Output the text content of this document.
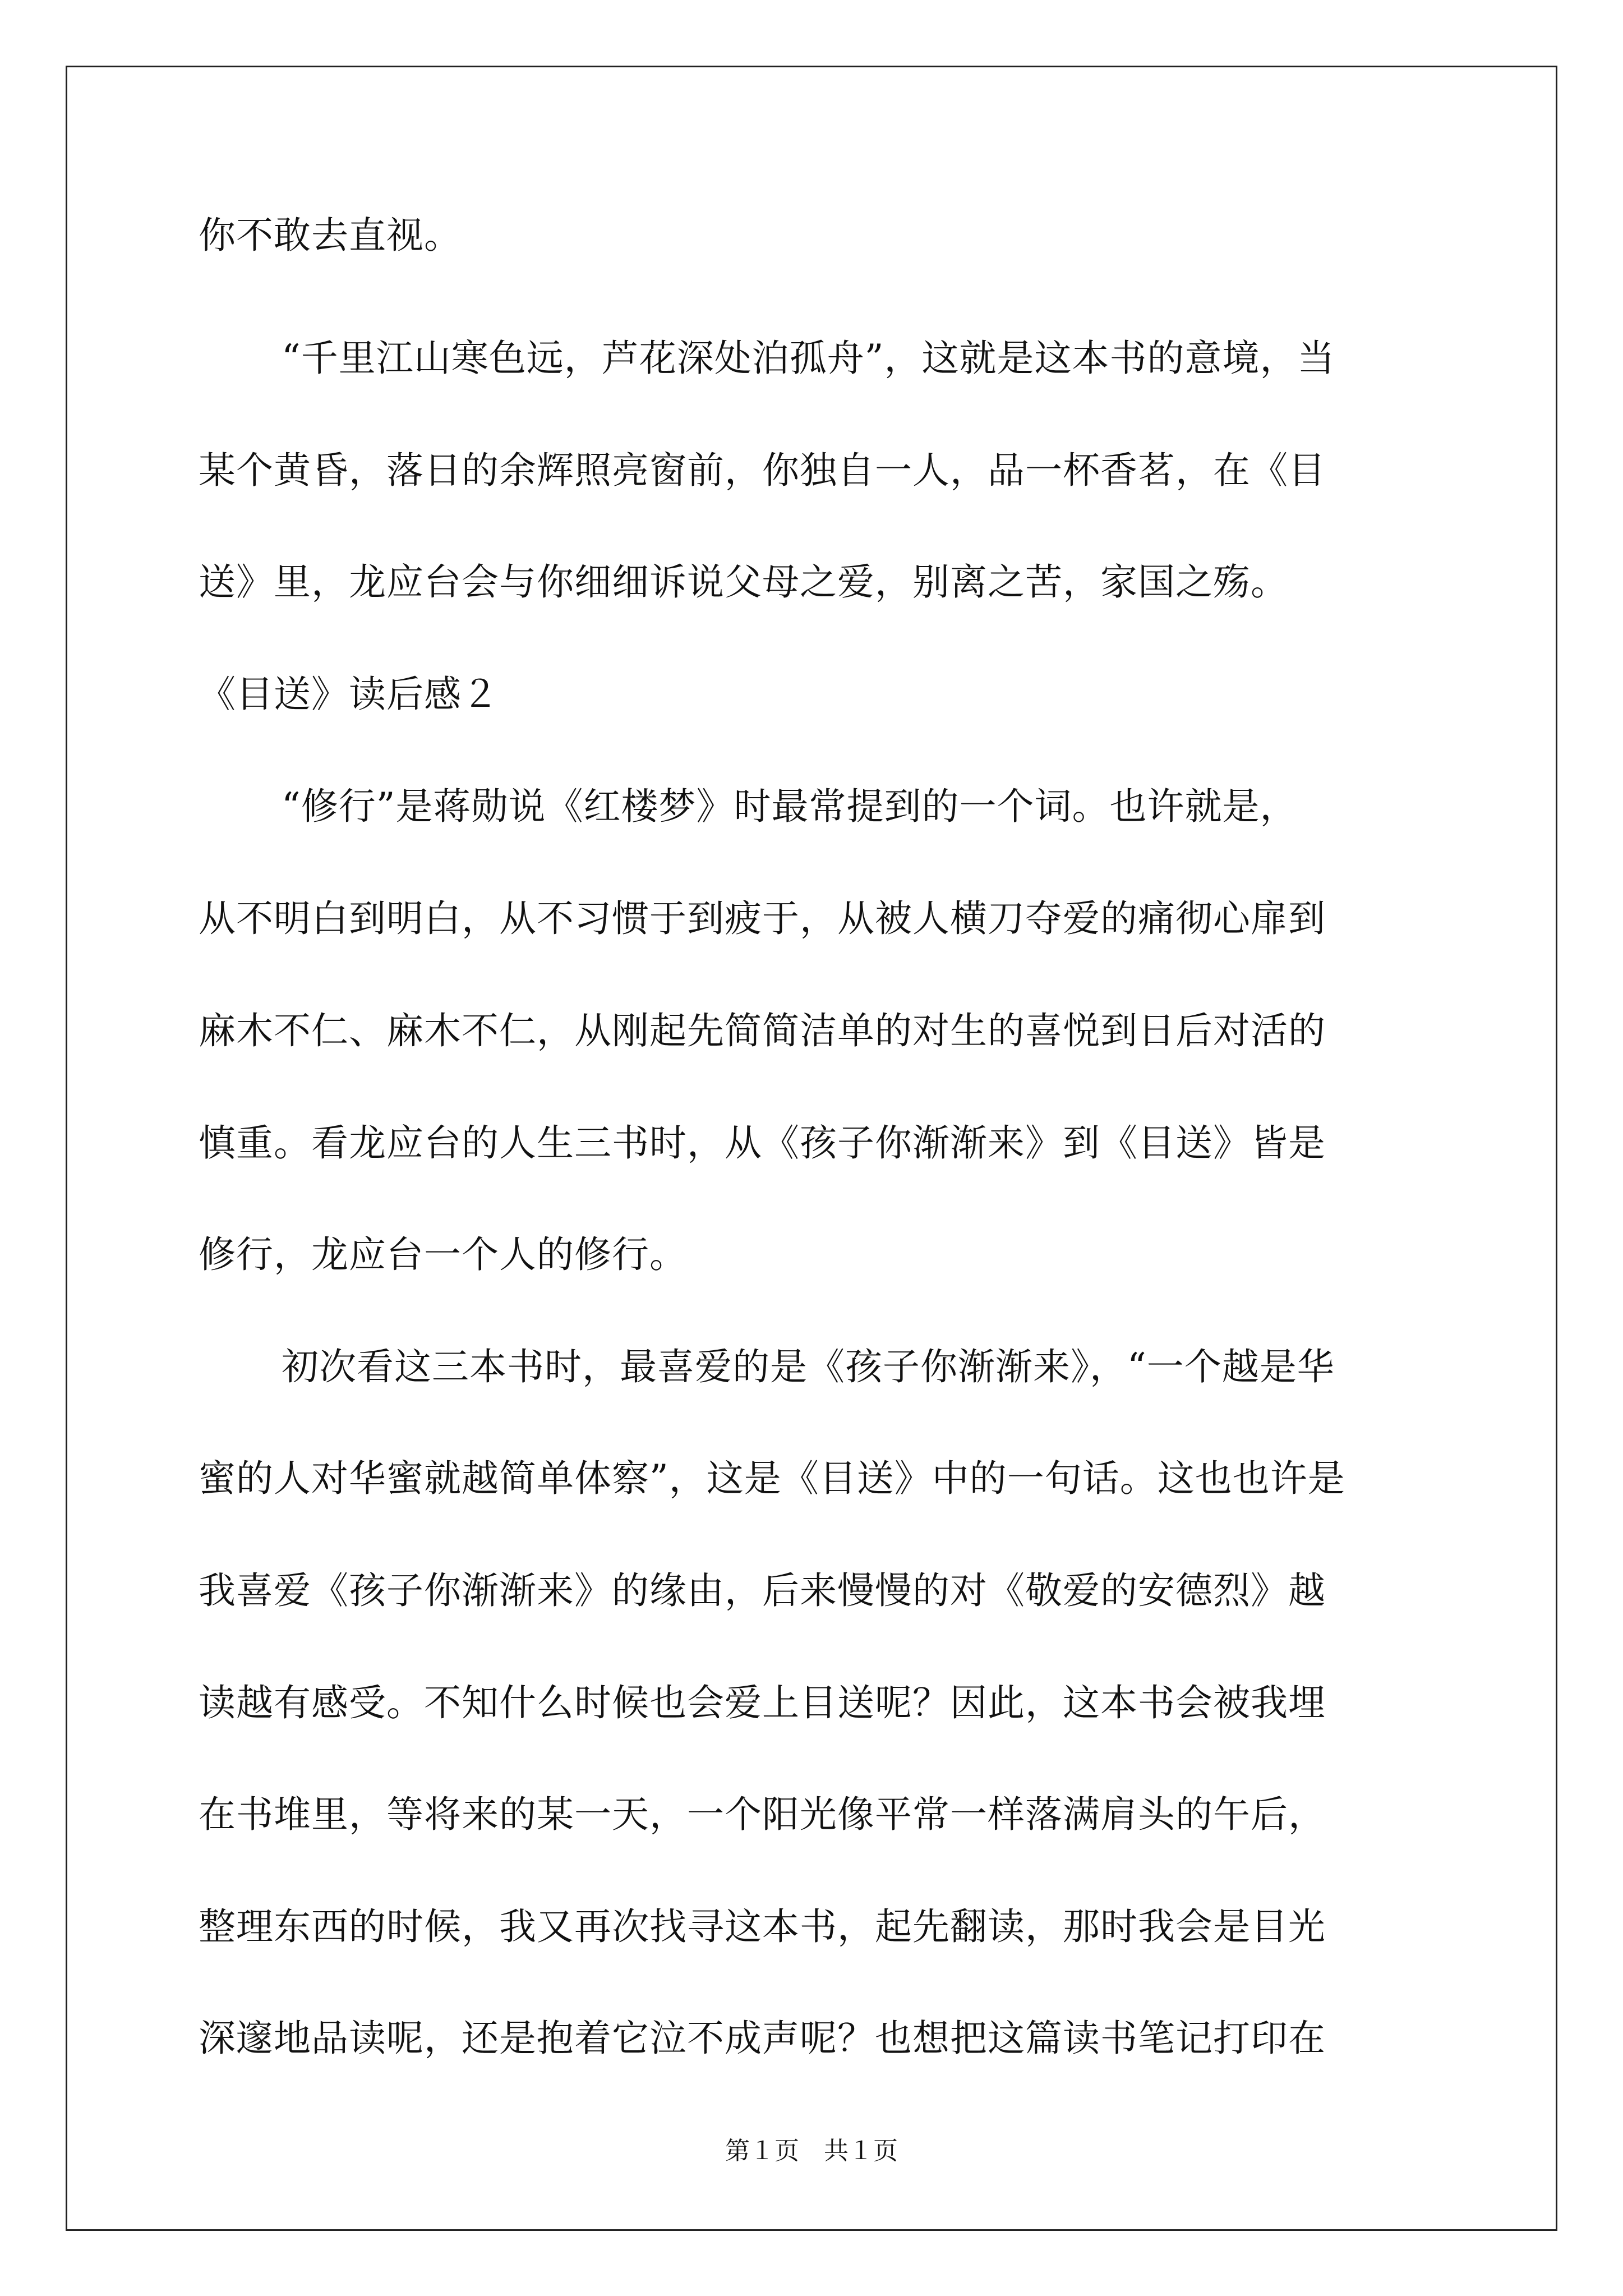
你不敢去直视。
“千里江山寒色远，芦花深处泊孤舟”，这就是这本书的意境，当
某个黄昏，落日的余辉照亮窗前，你独自一人，品一杯香茗，在《目
送》里，龙应台会与你细细诉说父母之爱，别离之苦，家国之殇。
《目送》读后感２
“修行”是蒋勋说《红楼梦》时最常提到的一个词。也许就是，
从不明白到明白，从不习惯于到疲于，从被人横刀夺爱的痛彻心扉到
麻木不仁、麻木不仁，从刚起先简简洁单的对生的喜悦到日后对活的
慎重。看龙应台的人生三书时，从《孩子你渐渐来》到《目送》皆是
修行，龙应台一个人的修行。
初次看这三本书时，最喜爱的是《孩子你渐渐来》，“一个越是华
蜜的人对华蜜就越简单体察”，这是《目送》中的一句话。这也也许是
我喜爱《孩子你渐渐来》的缘由，后来慢慢的对《敬爱的安德烈》越
读越有感受。不知什么时候也会爱上目送呢？因此，这本书会被我埋
在书堆里，等将来的某一天，一个阳光像平常一样落满肩头的午后，
整理东西的时候，我又再次找寻这本书，起先翻读，那时我会是目光
深邃地品读呢，还是抱着它泣不成声呢？也想把这篇读书笔记打印在
第１页　共１页
